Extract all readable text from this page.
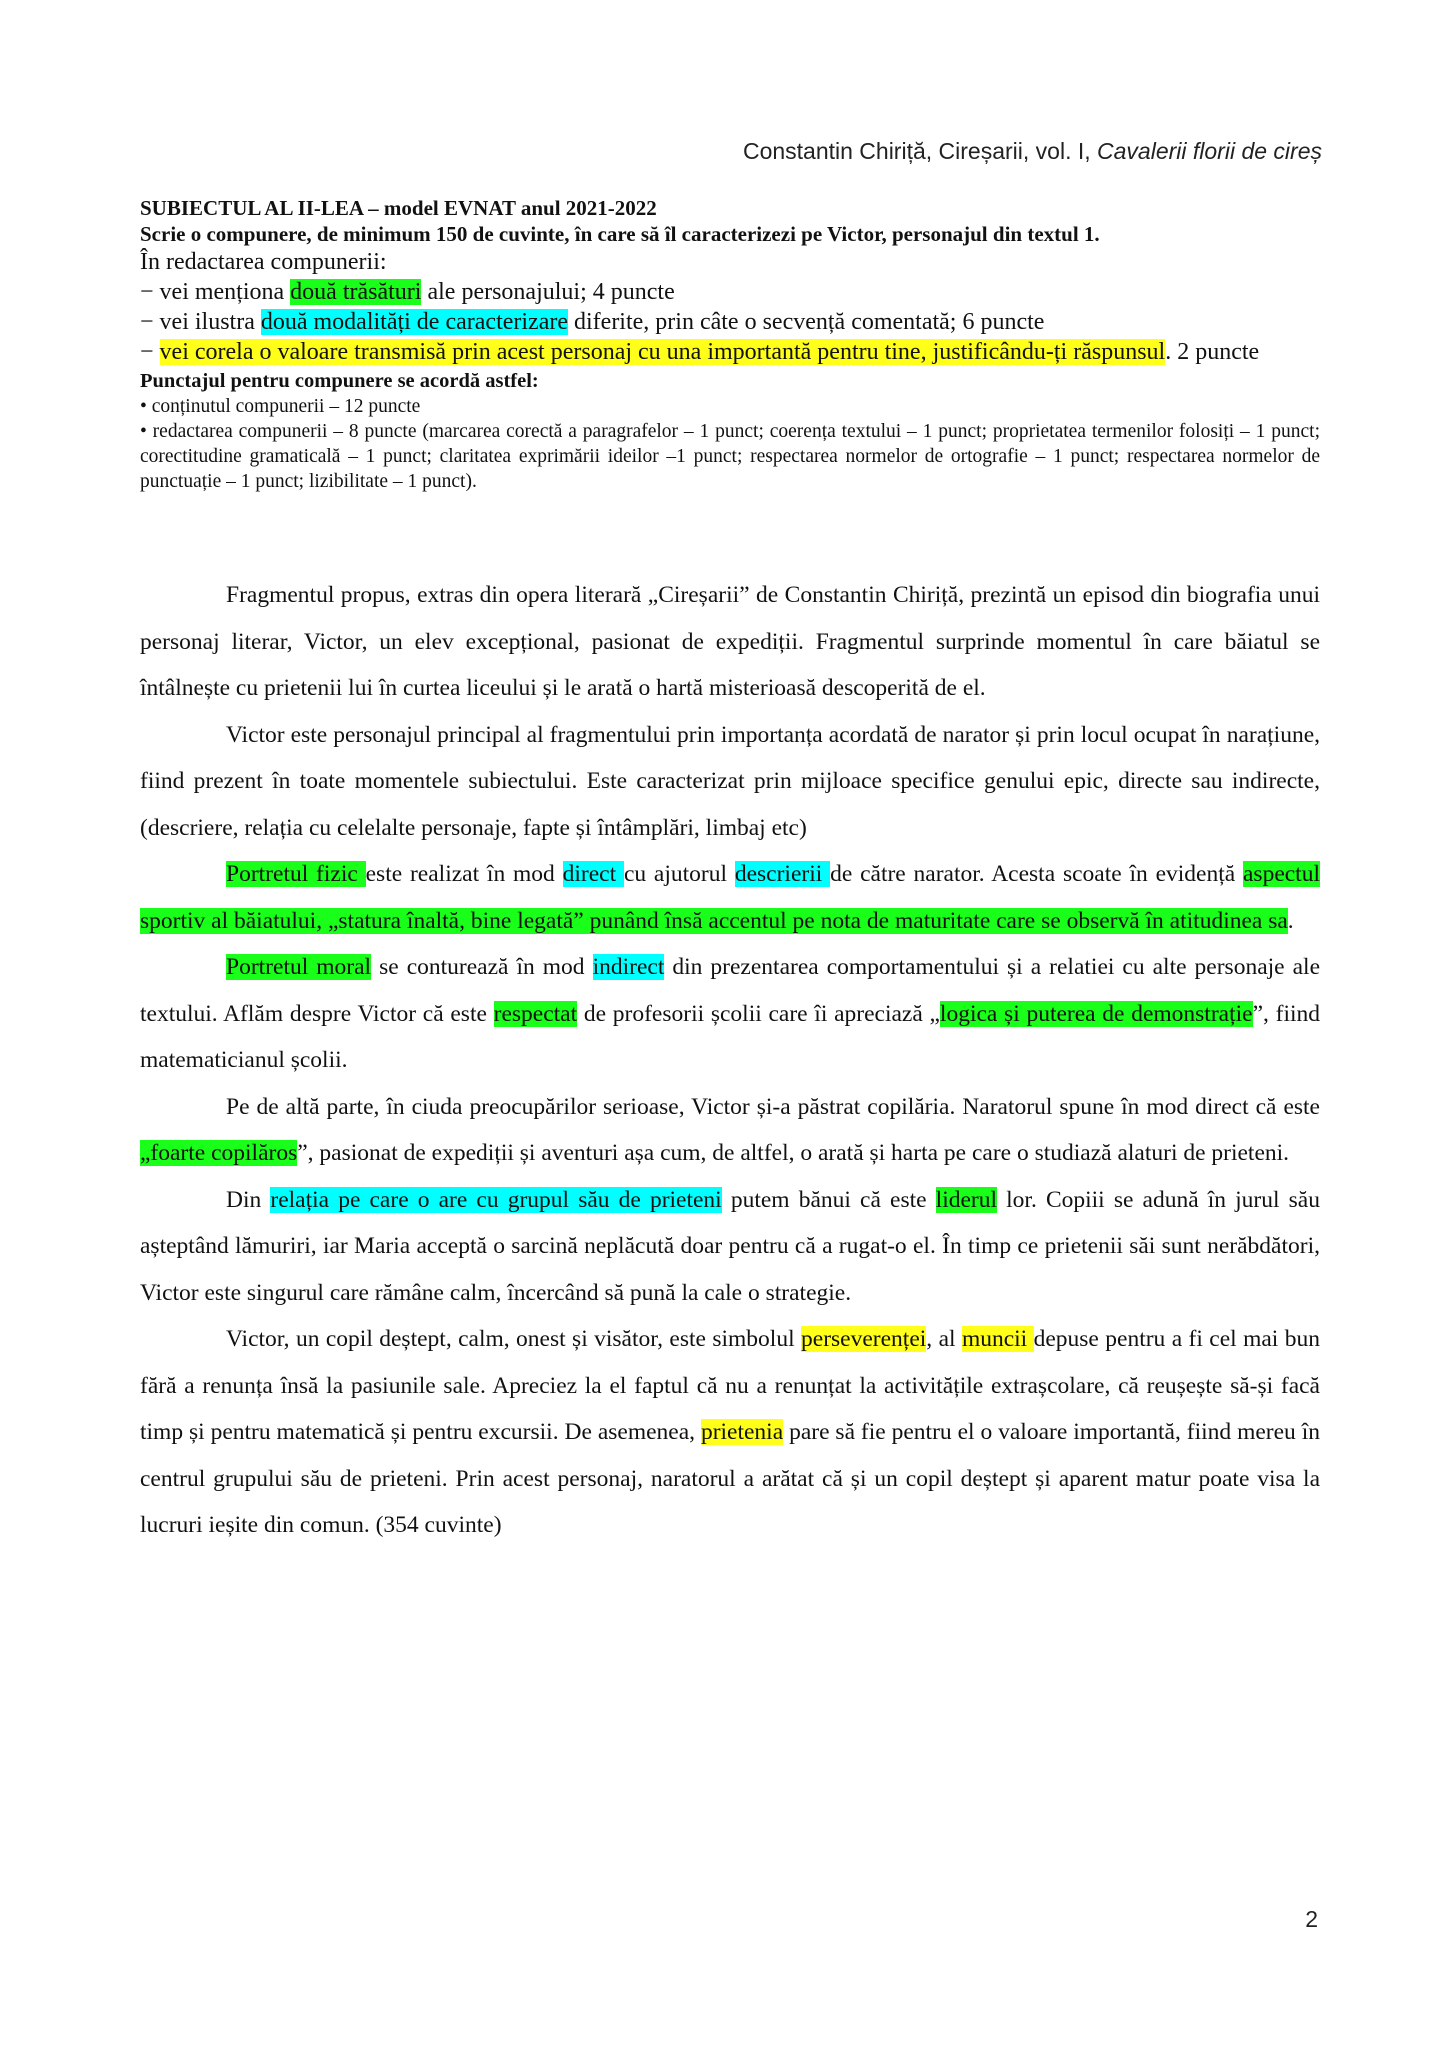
Constantin Chiriță, Cireșarii, vol. I, Cavalerii florii de cireș
SUBIECTUL AL II-LEA – model EVNAT anul 2021-2022
Scrie o compunere, de minimum 150 de cuvinte, în care să îl caracterizezi pe Victor, personajul din textul 1.
În redactarea compunerii:
− vei menționa două trăsături ale personajului; 4 puncte
− vei ilustra două modalități de caracterizare diferite, prin câte o secvență comentată; 6 puncte
− vei corela o valoare transmisă prin acest personaj cu una importantă pentru tine, justificându-ți răspunsul. 2 puncte
Punctajul pentru compunere se acordă astfel:
• conținutul compunerii – 12 puncte
• redactarea compunerii – 8 puncte (marcarea corectă a paragrafelor – 1 punct; coerența textului – 1 punct; proprietatea termenilor folosiți – 1 punct; corectitudine gramaticală – 1 punct; claritatea exprimării ideilor –1 punct; respectarea normelor de ortografie – 1 punct; respectarea normelor de punctuație – 1 punct; lizibilitate – 1 punct).

Fragmentul propus, extras din opera literară „Cireșarii” de Constantin Chiriță, prezintă un episod din biografia unui personaj literar, Victor, un elev excepțional, pasionat de expediții. Fragmentul surprinde momentul în care băiatul se întâlnește cu prietenii lui în curtea liceului și le arată o hartă misterioasă descoperită de el.

Victor este personajul principal al fragmentului prin importanța acordată de narator și prin locul ocupat în narațiune, fiind prezent în toate momentele subiectului. Este caracterizat prin mijloace specifice genului epic, directe sau indirecte, (descriere, relația cu celelalte personaje, fapte și întâmplări, limbaj etc)

Portretul fizic este realizat în mod direct cu ajutorul descrierii de către narator. Acesta scoate în evidență aspectul sportiv al băiatului, „statura înaltă, bine legată” punând însă accentul pe nota de maturitate care se observă în atitudinea sa.

Portretul moral se conturează în mod indirect din prezentarea comportamentului și a relatiei cu alte personaje ale textului. Aflăm despre Victor că este respectat de profesorii școlii care îi apreciază „logica și puterea de demonstrație”, fiind matematicianul școlii.

Pe de altă parte, în ciuda preocupărilor serioase, Victor și-a păstrat copilăria. Naratorul spune în mod direct că este „foarte copilăros”, pasionat de expediții și aventuri așa cum, de altfel, o arată și harta pe care o studiază alaturi de prieteni.

Din relația pe care o are cu grupul său de prieteni putem bănui că este liderul lor. Copiii se adună în jurul său așteptând lămuriri, iar Maria acceptă o sarcină neplăcută doar pentru că a rugat-o el. În timp ce prietenii săi sunt nerăbdători, Victor este singurul care rămâne calm, încercând să pună la cale o strategie.

Victor, un copil deștept, calm, onest și visător, este simbolul perseverenței, al muncii depuse pentru a fi cel mai bun fără a renunța însă la pasiunile sale. Apreciez la el faptul că nu a renunțat la activitățile extrașcolare, că reușește să-și facă timp și pentru matematică și pentru excursii. De asemenea, prietenia pare să fie pentru el o valoare importantă, fiind mereu în centrul grupului său de prieteni. Prin acest personaj, naratorul a arătat că și un copil deștept și aparent matur poate visa la lucruri ieșite din comun. (354 cuvinte)

2
